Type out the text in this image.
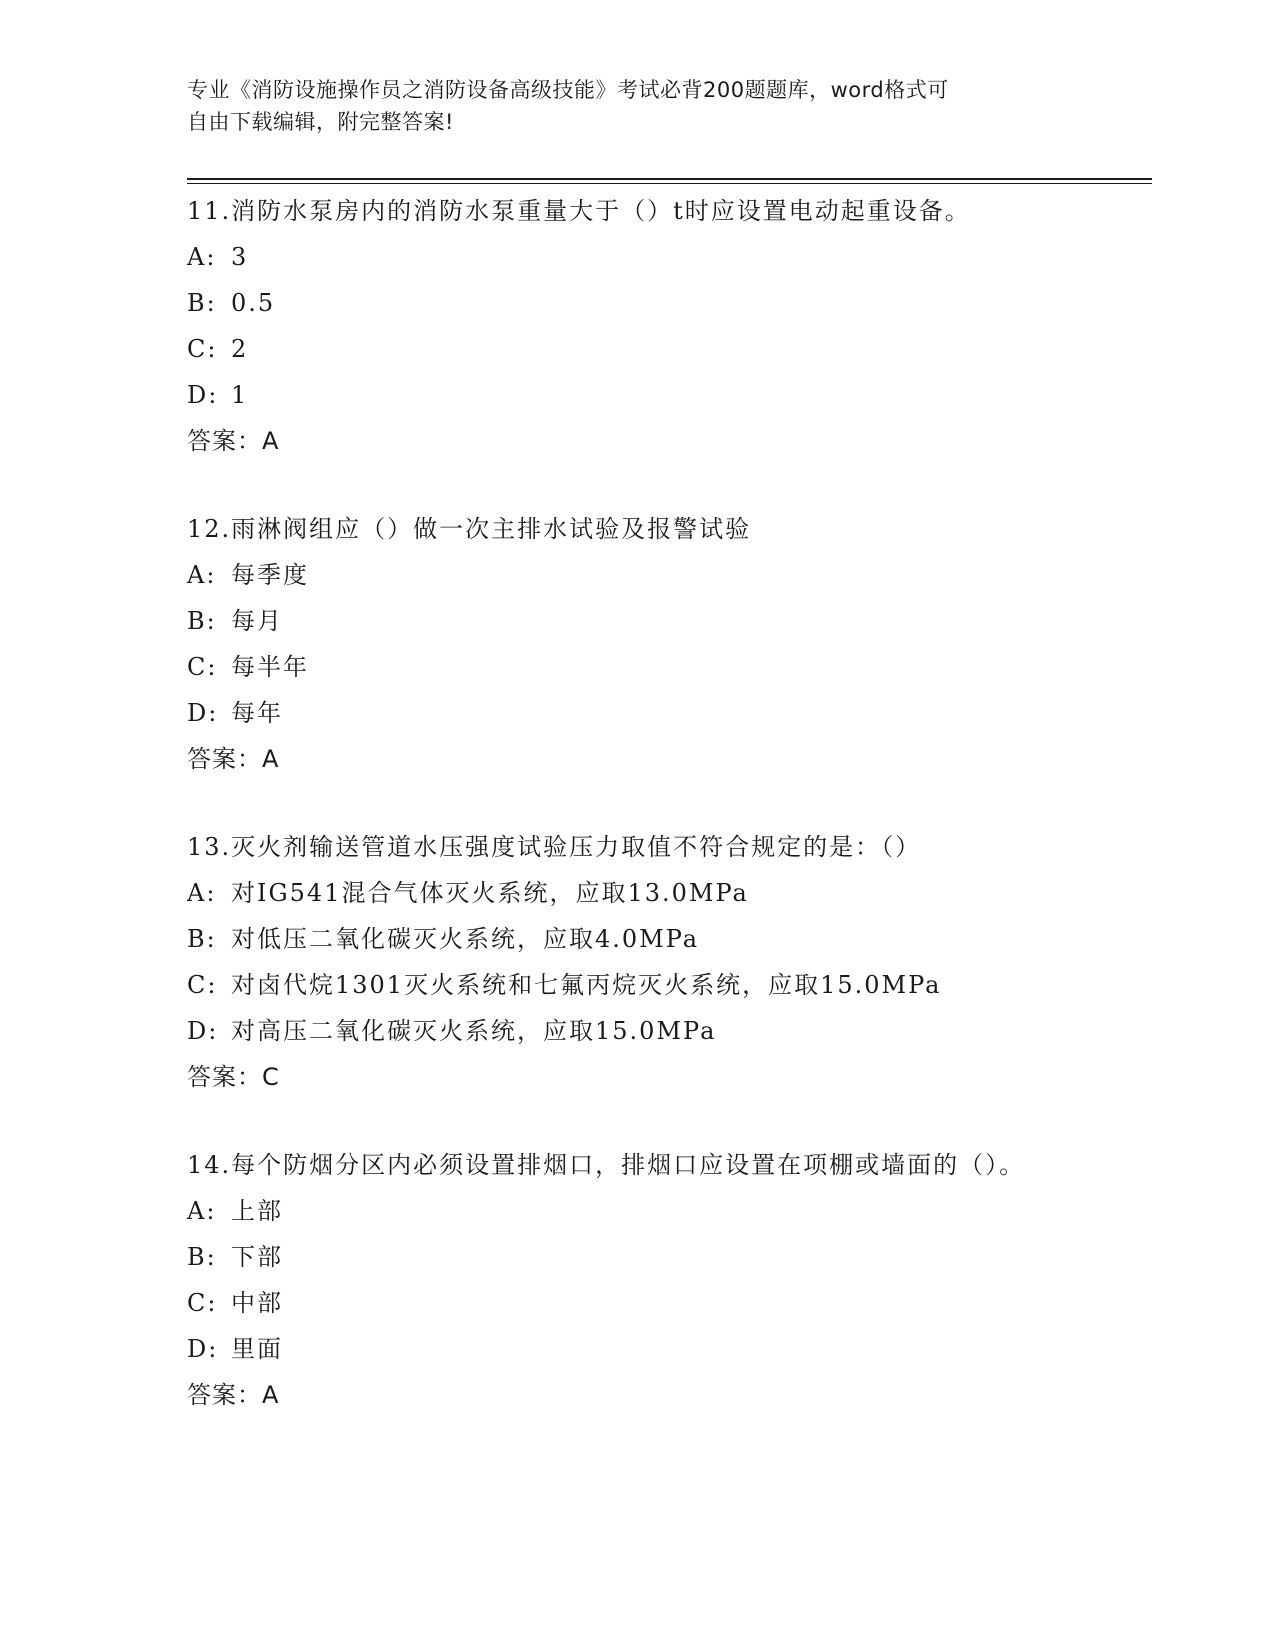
专业《消防设施操作员之消防设备高级技能》考试必背200题题库，word格式可
自由下载编辑，附完整答案!

11.消防水泵房内的消防水泵重量大于（）t时应设置电动起重设备。

A: 3

B: 0.5

C: 2

D: 1

答案：A

12.雨淋阀组应（）做一次主排水试验及报警试验

A: 每季度

B: 每月

C: 每半年

D: 每年

答案：A

13.灭火剂输送管道水压强度试验压力取值不符合规定的是：（）

A: 对IG541混合气体灭火系统，应取13.0MPa

B: 对低压二氧化碳灭火系统，应取4.0MPa

C: 对卤代烷1301灭火系统和七氟丙烷灭火系统，应取15.0MPa

D: 对高压二氧化碳灭火系统，应取15.0MPa

答案：C

14.每个防烟分区内必须设置排烟口，排烟口应设置在项棚或墙面的（）。

A: 上部

B: 下部

C: 中部

D: 里面

答案：A
